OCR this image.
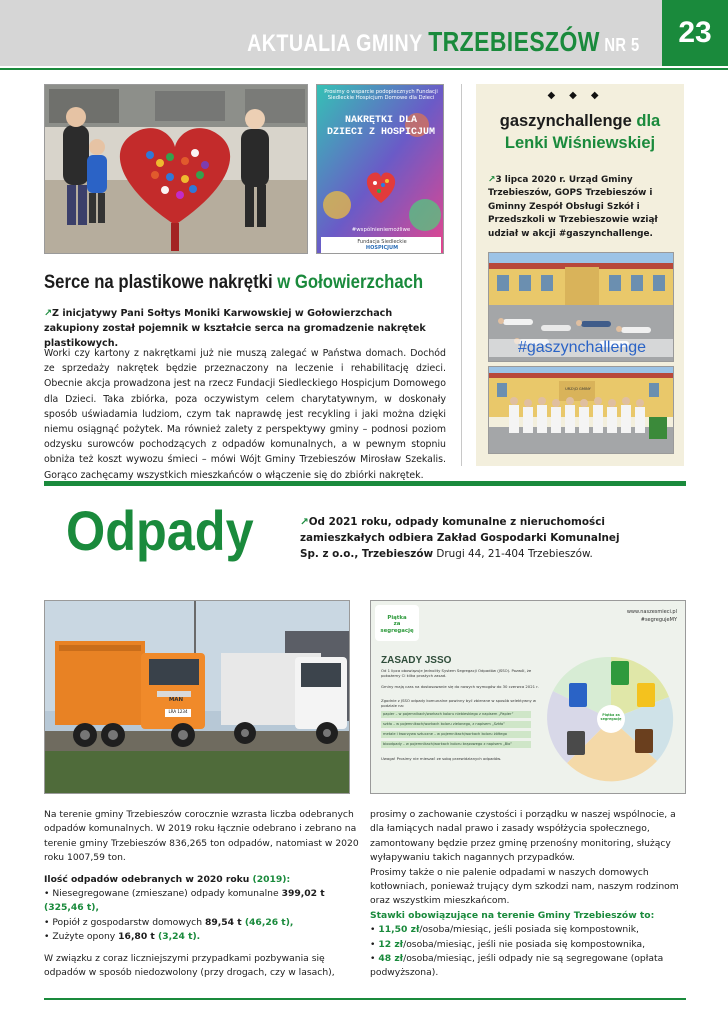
AKTUALIA GMINY TRZEBIESZÓW NR 5	23
Prosimy o wsparcie podopiecznych Fundacji Siedleckie Hospicjum Domowe dla Dzieci
NAKRĘTKI DLA DZIECI Z HOSPICJUM
#wspólnieniemożliwe
Fundacja Siedleckie
HOSPICJUM
Serce na plastikowe nakrętki w Gołowierzchach
↗Z inicjatywy Pani Sołtys Moniki Karwowskiej w Gołowierzchach zakupiony został pojemnik w kształcie serca na gromadzenie nakrętek plastikowych.
Worki czy kartony z nakrętkami już nie muszą zalegać w Państwa domach. Dochód ze sprzedaży nakrętek będzie przeznaczony na leczenie i rehabilitację dzieci. Obecnie akcja prowadzona jest na rzecz Fundacji Siedleckiego Hospicjum Domowego dla Dzieci. Taka zbiórka, poza oczywistym celem charytatywnym, w doskonały sposób uświadamia ludziom, czym tak naprawdę jest recykling i jaki można dzięki niemu osiągnąć pożytek. Ma również zalety z perspektywy gminy – podnosi poziom odzysku surowców pochodzących z odpadów komunalnych, a w pewnym stopniu obniża też koszt wywozu śmieci – mówi Wójt Gminy Trzebieszów Mirosław Szekalis. Gorąco zachęcamy wszystkich mieszkańców o włączenie się do zbiórki nakrętek.
◆◆◆
gaszynchallenge dla
Lenki Wiśniewskiej
↗3 lipca 2020 r. Urząd Gminy Trzebieszów, GOPS Trzebieszów i Gminny Zespół Obsługi Szkół i Przedszkoli w Trzebieszowie wziął udział w akcji #gaszynchallenge.
#gaszynchallenge
URZĄD GMINY
Odpady	↗Od 2021 roku, odpady komunalne z nieruchomości zamieszkałych odbiera Zakład Gospodarki Komunalnej Sp. z o.o., Trzebieszów Drugi 44, 21-404 Trzebieszów.
MAN
LRA 1234
Piątka
za segregację
www.naszesmieci.pl
#segregujeMY
ZASADY JSSO
Od 1 lipca obowiązuje Jednolity System Segregacji Odpadów (JSSO). Pozwól, że pokażemy Ci kilka prostych zasad.
Gminy mają czas na dostosowanie się do nowych wymogów do 30 czerwca 2021 r.
Zgodnie z JSSO odpady komunalne powinny być zbierane w sposób selektywny w podziale na:
papier – w pojemnikach/workach koloru niebieskiego z napisem „Papier”
szkło – w pojemnikach/workach koloru zielonego, z napisem „Szkło”
metale i tworzywa sztuczne – w pojemnikach/workach koloru żółtego
bioodpady – w pojemnikach/workach koloru brązowego z napisem „Bio”
Uwaga! Prosimy nie mieszać ze sobą przewidzianych odpadów.
Piątka za segregację

Na terenie gminy Trzebieszów corocznie wzrasta liczba odebranych odpadów komunalnych. W 2019 roku łącznie odebrano i zebrano na terenie gminy Trzebieszów 836,265 ton odpadów, natomiast w 2020 roku 1007,59 ton.

Ilość odpadów odebranych w 2020 roku (2019):

• Niesegregowane (zmieszane) odpady komunalne 399,02 t (325,46 t),

• Popiół z gospodarstw domowych 89,54 t (46,26 t),

• Zużyte opony 16,80 t (3,24 t).

W związku z coraz liczniejszymi przypadkami pozbywania się odpadów w sposób niedozwolony (przy drogach, czy w lasach),

prosimy o zachowanie czystości i porządku w naszej wspólnocie, a dla łamiących nadal prawo i zasady współżycia społecznego, zamontowany będzie przez gminę przenośny monitoring, służący wyłapywaniu takich nagannych przypadków.

Prosimy także o nie palenie odpadami w naszych domowych kotłowniach, ponieważ trujący dym szkodzi nam, naszym rodzinom oraz wszystkim mieszkańcom.

Stawki obowiązujące na terenie Gminy Trzebieszów to:

• 11,50 zł/osoba/miesiąc, jeśli posiada się kompostownik,

• 12 zł/osoba/miesiąc, jeśli nie posiada się kompostownika,

• 48 zł/osoba/miesiąc, jeśli odpady nie są segregowane (opłata podwyższona).
